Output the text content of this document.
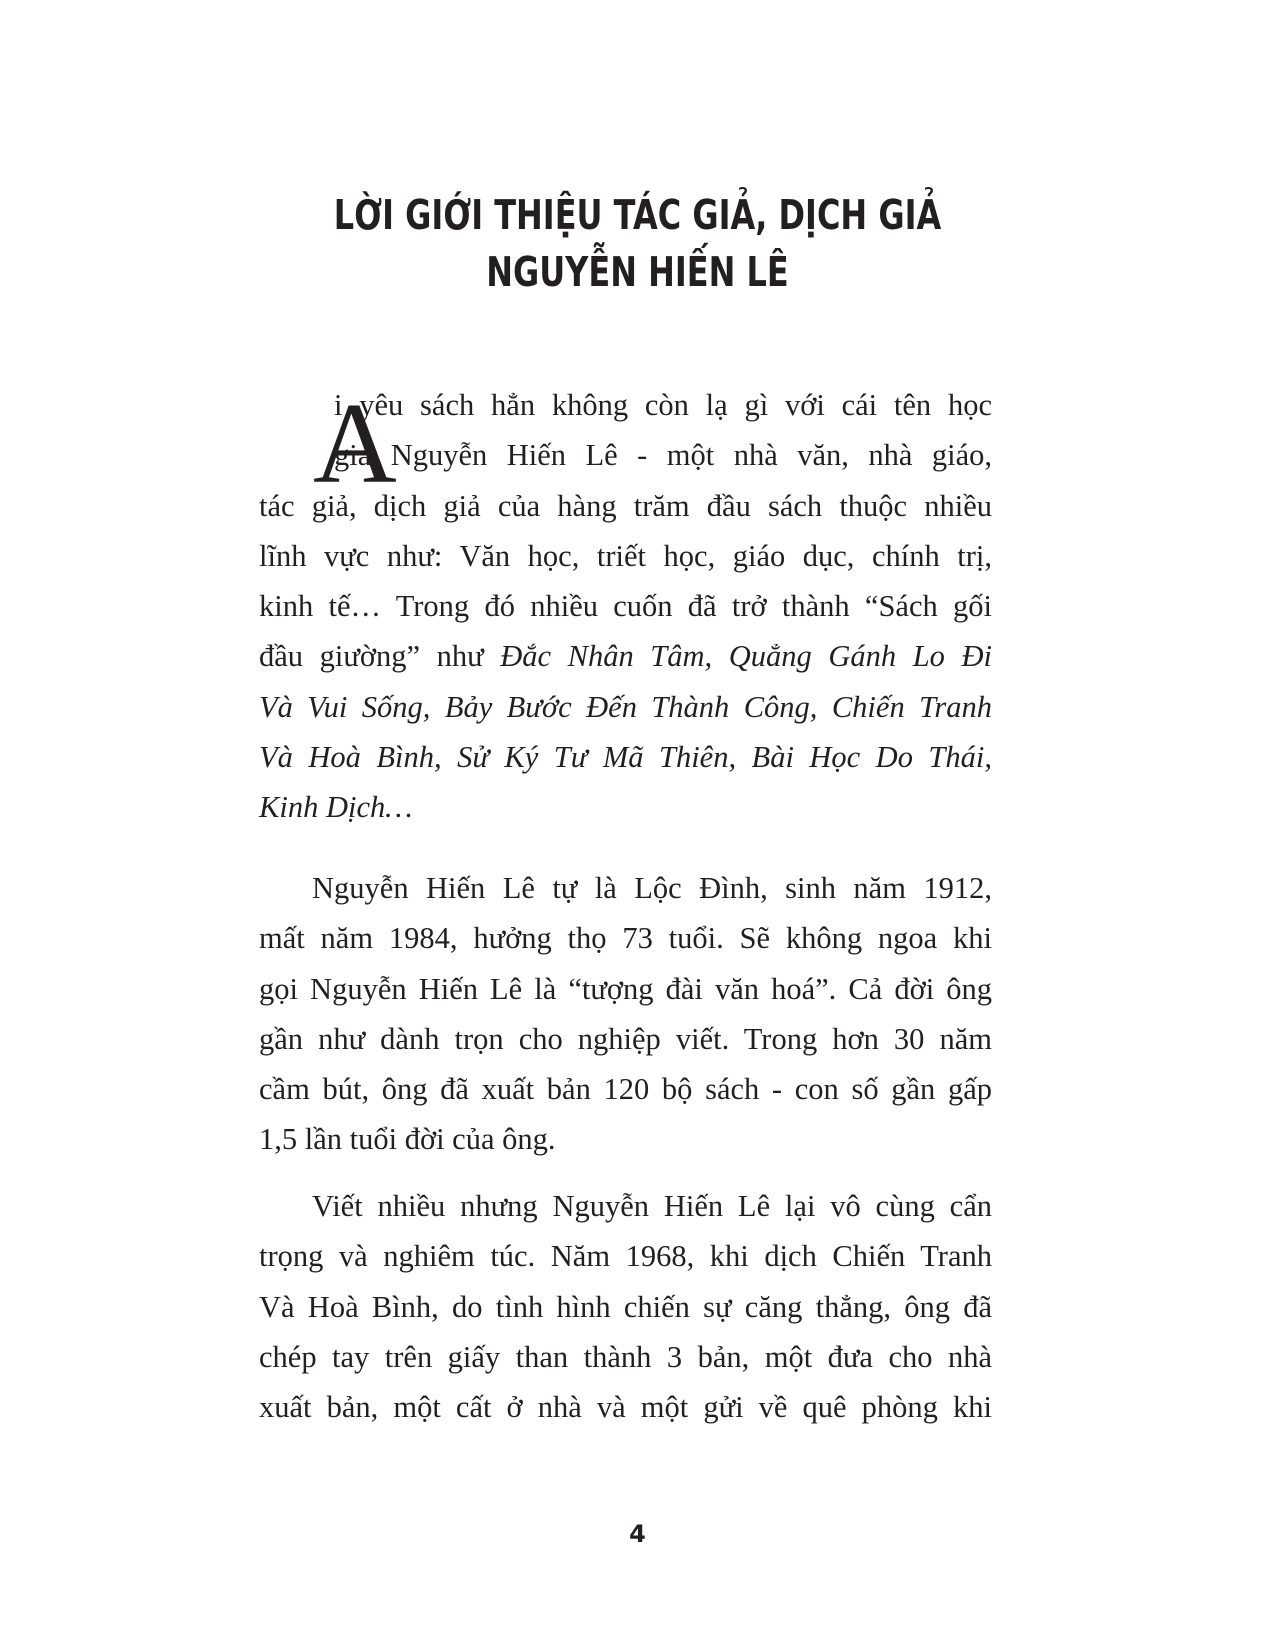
LỜI GIỚI THIỆU TÁC GIẢ, DỊCH GIẢ
NGUYỄN HIẾN LÊ
A
i yêu sách hẳn không còn lạ gì với cái tên học
giả Nguyễn Hiến Lê - một nhà văn, nhà giáo,
tác giả, dịch giả của hàng trăm đầu sách thuộc nhiều
lĩnh vực như: Văn học, triết học, giáo dục, chính trị,
kinh tế… Trong đó nhiều cuốn đã trở thành “Sách gối
đầu giường” như Đắc Nhân Tâm, Quẳng Gánh Lo Đi
Và Vui Sống, Bảy Bước Đến Thành Công, Chiến Tranh
Và Hoà Bình, Sử Ký Tư Mã Thiên, Bài Học Do Thái,
Kinh Dịch…
Nguyễn Hiến Lê tự là Lộc Đình, sinh năm 1912,
mất năm 1984, hưởng thọ 73 tuổi. Sẽ không ngoa khi
gọi Nguyễn Hiến Lê là “tượng đài văn hoá”. Cả đời ông
gần như dành trọn cho nghiệp viết. Trong hơn 30 năm
cầm bút, ông đã xuất bản 120 bộ sách - con số gần gấp
1,5 lần tuổi đời của ông.
Viết nhiều nhưng Nguyễn Hiến Lê lại vô cùng cẩn
trọng và nghiêm túc. Năm 1968, khi dịch Chiến Tranh
Và Hoà Bình, do tình hình chiến sự căng thẳng, ông đã
chép tay trên giấy than thành 3 bản, một đưa cho nhà
xuất bản, một cất ở nhà và một gửi về quê phòng khi

4
